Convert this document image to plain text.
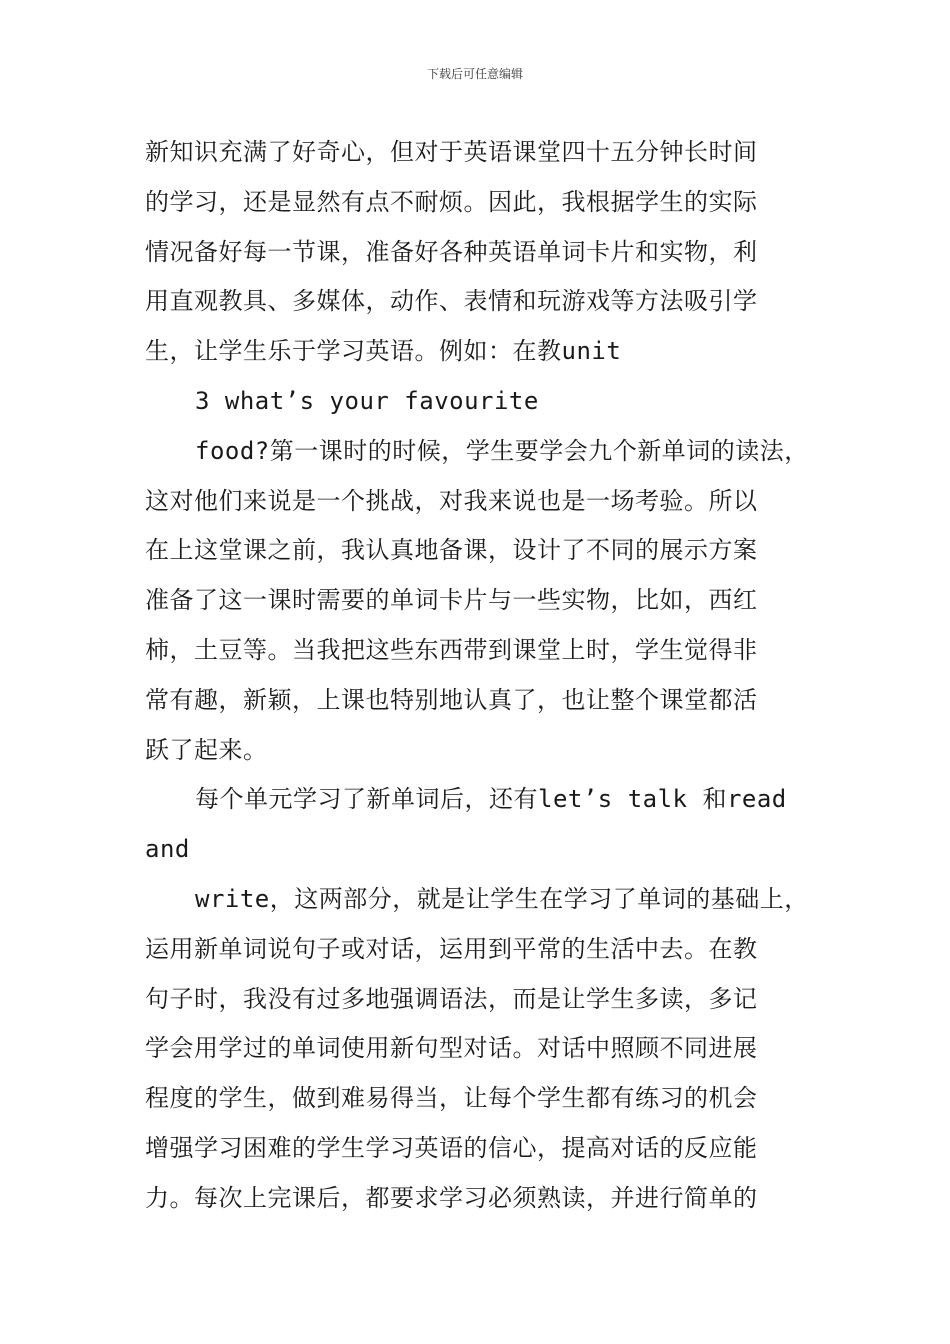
下载后可任意编辑
新知识充满了好奇心，但对于英语课堂四十五分钟长时间
的学习，还是显然有点不耐烦。因此，我根据学生的实际
情况备好每一节课，准备好各种英语单词卡片和实物，利
用直观教具、多媒体，动作、表情和玩游戏等方法吸引学
生，让学生乐于学习英语。例如：在教unit
3 what’s your favourite
food?第一课时的时候，学生要学会九个新单词的读法，
这对他们来说是一个挑战，对我来说也是一场考验。所以
在上这堂课之前，我认真地备课，设计了不同的展示方案
准备了这一课时需要的单词卡片与一些实物，比如，西红
柿，土豆等。当我把这些东西带到课堂上时，学生觉得非
常有趣，新颖，上课也特别地认真了，也让整个课堂都活
跃了起来。
每个单元学习了新单词后，还有let’s talk 和read
and
write，这两部分，就是让学生在学习了单词的基础上，
运用新单词说句子或对话，运用到平常的生活中去。在教
句子时，我没有过多地强调语法，而是让学生多读，多记
学会用学过的单词使用新句型对话。对话中照顾不同进展
程度的学生，做到难易得当，让每个学生都有练习的机会
增强学习困难的学生学习英语的信心，提高对话的反应能
力。每次上完课后，都要求学习必须熟读，并进行简单的
